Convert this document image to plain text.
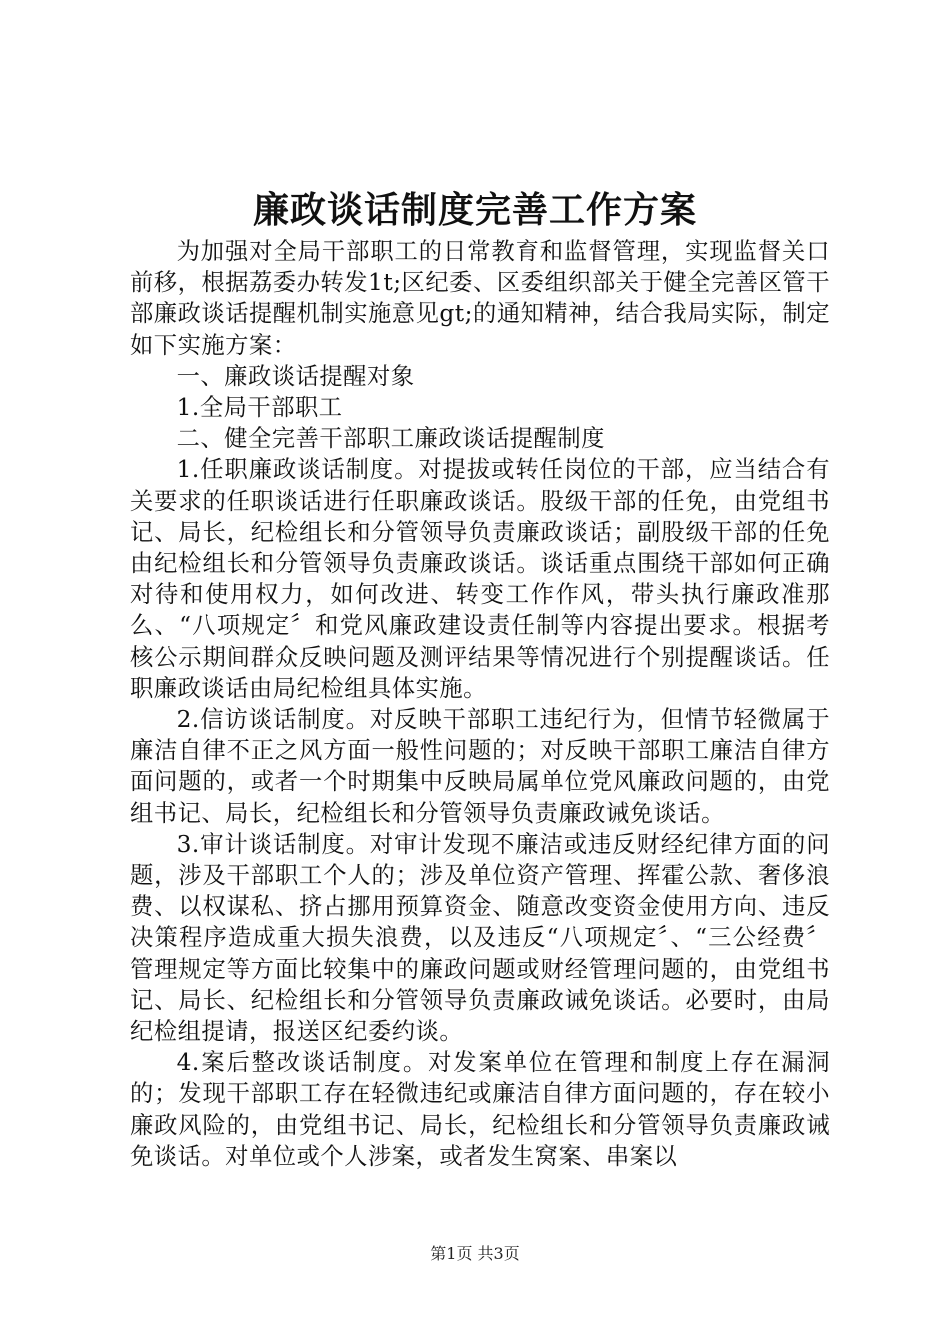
廉政谈话制度完善工作方案

为加强对全局干部职工的日常教育和监督管理，实现监督关口前移，根据荔委办转发1t;区纪委、区委组织部关于健全完善区管干部廉政谈话提醒机制实施意见gt;的通知精神，结合我局实际，制定如下实施方案：

一、廉政谈话提醒对象

1.全局干部职工

二、健全完善干部职工廉政谈话提醒制度

1.任职廉政谈话制度。对提拔或转任岗位的干部，应当结合有关要求的任职谈话进行任职廉政谈话。股级干部的任免，由党组书记、局长，纪检组长和分管领导负责廉政谈话；副股级干部的任免由纪检组长和分管领导负责廉政谈话。谈话重点围绕干部如何正确对待和使用权力，如何改进、转变工作作风，带头执行廉政准那么、“八项规定〞和党风廉政建设责任制等内容提出要求。根据考核公示期间群众反映问题及测评结果等情况进行个别提醒谈话。任职廉政谈话由局纪检组具体实施。

2.信访谈话制度。对反映干部职工违纪行为，但情节轻微属于廉洁自律不正之风方面一般性问题的；对反映干部职工廉洁自律方面问题的，或者一个时期集中反映局属单位党风廉政问题的，由党组书记、局长，纪检组长和分管领导负责廉政诫免谈话。

3.审计谈话制度。对审计发现不廉洁或违反财经纪律方面的问题，涉及干部职工个人的；涉及单位资产管理、挥霍公款、奢侈浪费、以权谋私、挤占挪用预算资金、随意改变资金使用方向、违反决策程序造成重大损失浪费，以及违反“八项规定〞、“三公经费〞管理规定等方面比较集中的廉政问题或财经管理问题的，由党组书记、局长、纪检组长和分管领导负责廉政诫免谈话。必要时，由局纪检组提请，报送区纪委约谈。

4.案后整改谈话制度。对发案单位在管理和制度上存在漏洞的；发现干部职工存在轻微违纪或廉洁自律方面问题的，存在较小廉政风险的，由党组书记、局长，纪检组长和分管领导负责廉政诫免谈话。对单位或个人涉案，或者发生窝案、串案以

第1页 共3页
